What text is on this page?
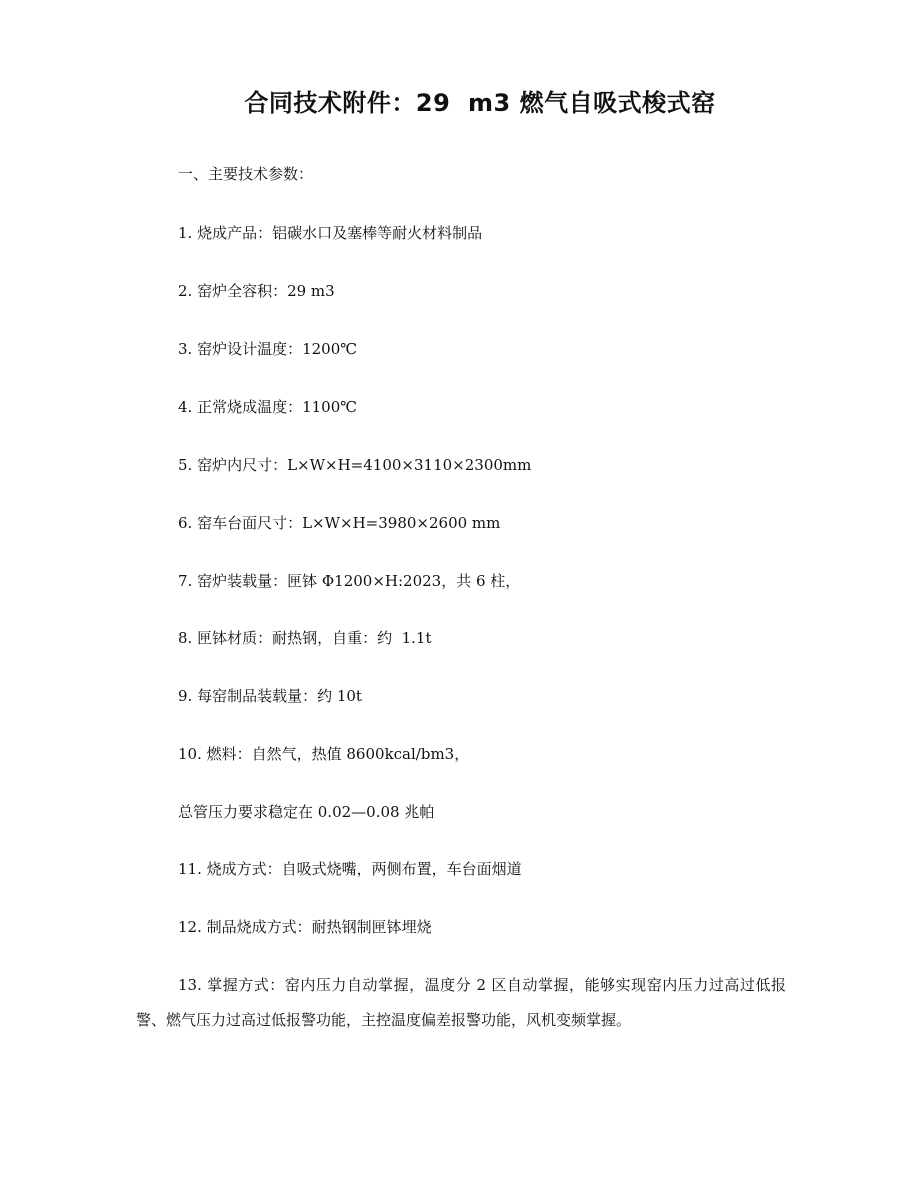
合同技术附件：29  m3 燃气自吸式梭式窑
一、主要技术参数：
1. 烧成产品：铝碳水口及塞棒等耐火材料制品
2. 窑炉全容积：29 m3
3. 窑炉设计温度：1200℃
4. 正常烧成温度：1100℃
5. 窑炉内尺寸：L×W×H=4100×3110×2300mm
6. 窑车台面尺寸：L×W×H=3980×2600 mm
7. 窑炉装载量：匣钵 Φ1200×H:2023，共 6 柱，
8. 匣钵材质：耐热钢，自重：约  1.1t
9. 每窑制品装载量：约 10t
10. 燃料：自然气，热值 8600kcal/bm3，
总管压力要求稳定在 0.02—0.08 兆帕
11. 烧成方式：自吸式烧嘴，两侧布置，车台面烟道
12. 制品烧成方式：耐热钢制匣钵埋烧
13. 掌握方式：窑内压力自动掌握，温度分 2 区自动掌握，能够实现窑内压力过高过低报警、燃气压力过高过低报警功能，主控温度偏差报警功能，风机变频掌握。
